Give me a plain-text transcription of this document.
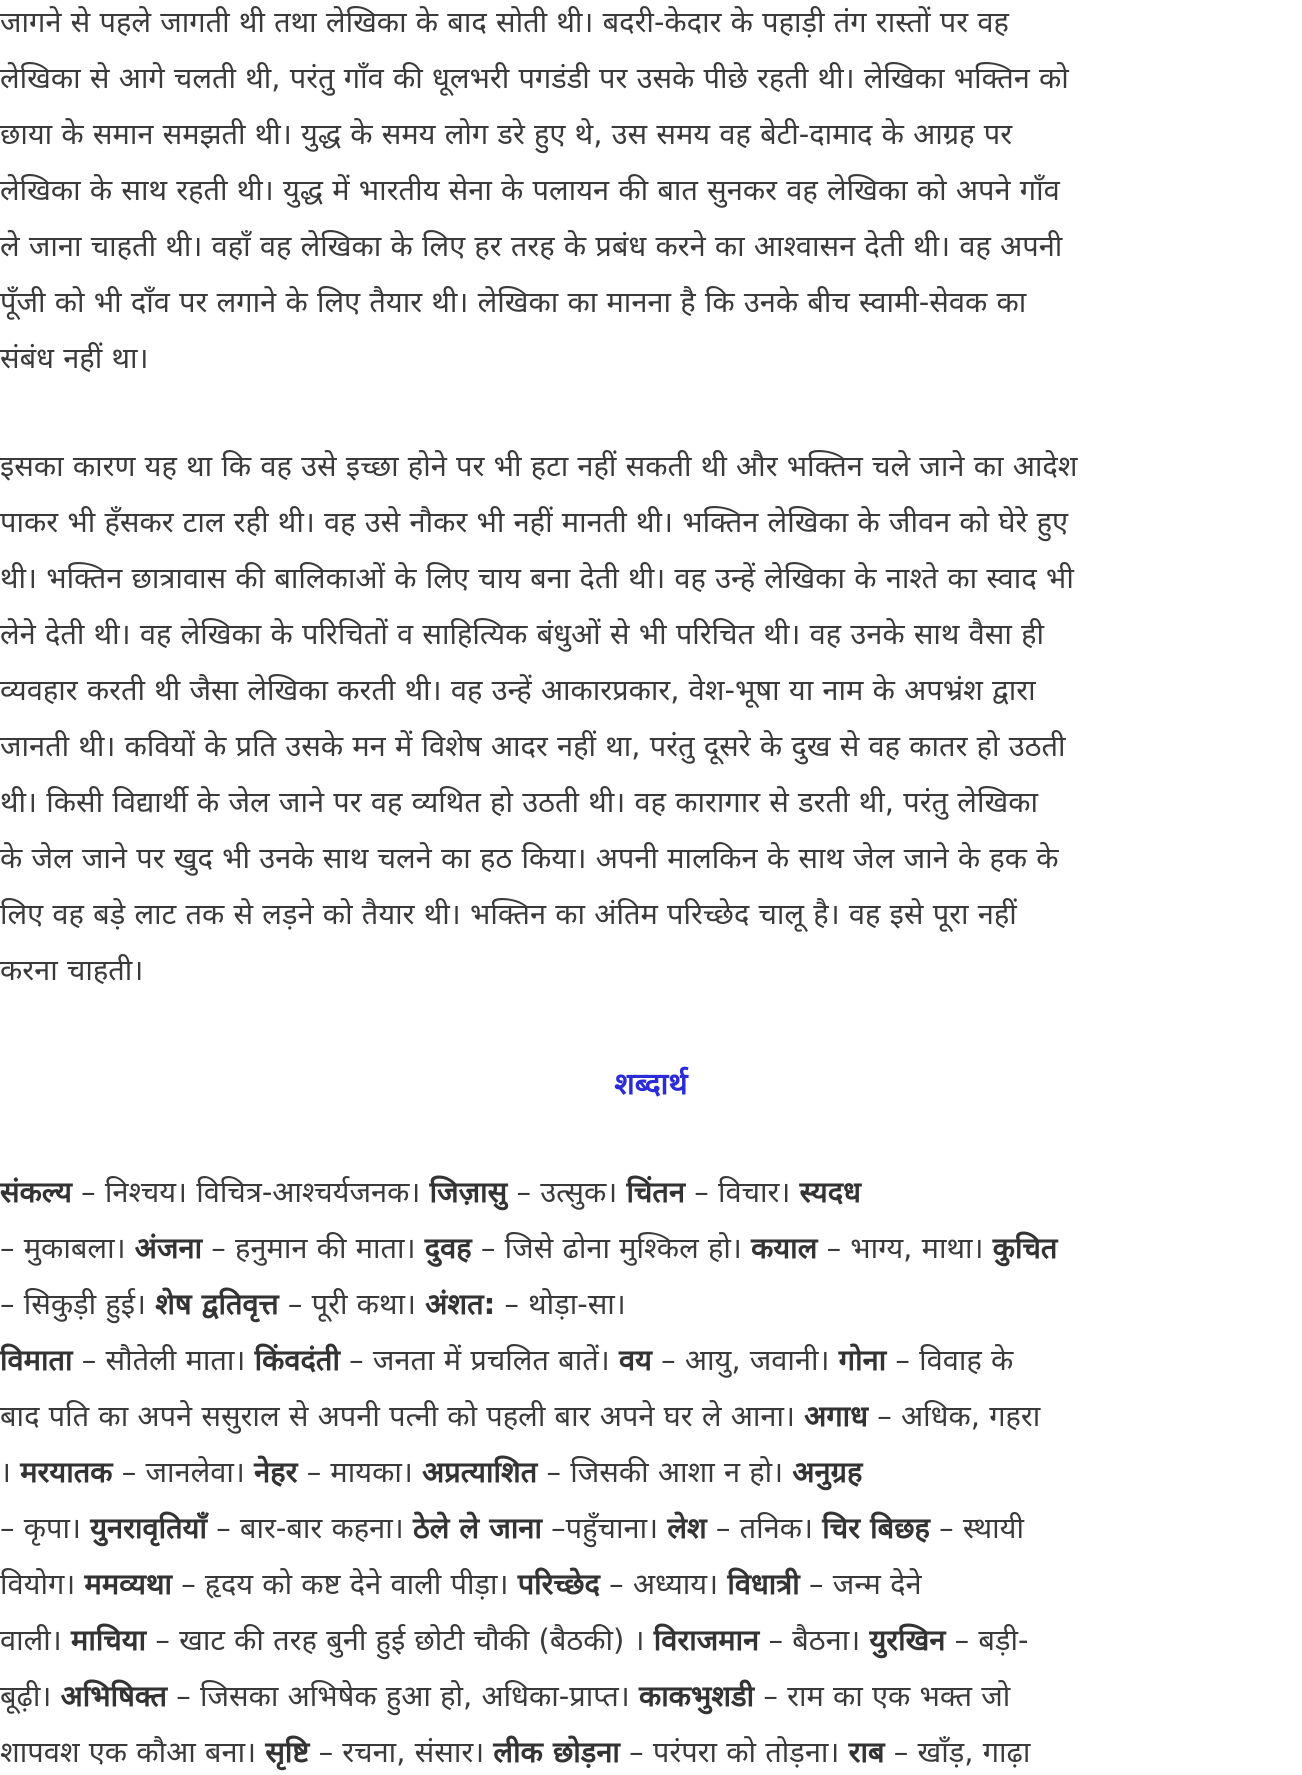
जागने से पहले जागती थी तथा लेखिका के बाद सोती थी। बदरी-केदार के पहाड़ी तंग रास्तों पर वह
लेखिका से आगे चलती थी, परंतु गाँव की धूलभरी पगडंडी पर उसके पीछे रहती थी। लेखिका भक्तिन को
छाया के समान समझती थी। युद्ध के समय लोग डरे हुए थे, उस समय वह बेटी-दामाद के आग्रह पर
लेखिका के साथ रहती थी। युद्ध में भारतीय सेना के पलायन की बात सुनकर वह लेखिका को अपने गाँव
ले जाना चाहती थी। वहाँ वह लेखिका के लिए हर तरह के प्रबंध करने का आश्वासन देती थी। वह अपनी
पूँजी को भी दाँव पर लगाने के लिए तैयार थी। लेखिका का मानना है कि उनके बीच स्वामी-सेवक का
संबंध नहीं था।
इसका कारण यह था कि वह उसे इच्छा होने पर भी हटा नहीं सकती थी और भक्तिन चले जाने का आदेश
पाकर भी हँसकर टाल रही थी। वह उसे नौकर भी नहीं मानती थी। भक्तिन लेखिका के जीवन को घेरे हुए
थी। भक्तिन छात्रावास की बालिकाओं के लिए चाय बना देती थी। वह उन्हें लेखिका के नाश्ते का स्वाद भी
लेने देती थी। वह लेखिका के परिचितों व साहित्यिक बंधुओं से भी परिचित थी। वह उनके साथ वैसा ही
व्यवहार करती थी जैसा लेखिका करती थी। वह उन्हें आकारप्रकार, वेश-भूषा या नाम के अपभ्रंश द्वारा
जानती थी। कवियों के प्रति उसके मन में विशेष आदर नहीं था, परंतु दूसरे के दुख से वह कातर हो उठती
थी। किसी विद्यार्थी के जेल जाने पर वह व्यथित हो उठती थी। वह कारागार से डरती थी, परंतु लेखिका
के जेल जाने पर खुद भी उनके साथ चलने का हठ किया। अपनी मालकिन के साथ जेल जाने के हक के
लिए वह बड़े लाट तक से लड़ने को तैयार थी। भक्तिन का अंतिम परिच्छेद चालू है। वह इसे पूरा नहीं
करना चाहती।
शब्दार्थ
संकल्य – निश्चय। विचित्र-आश्चर्यजनक। जिज़ासु – उत्सुक। चिंतन – विचार। स्यदध
– मुकाबला। अंजना – हनुमान की माता। दुवह – जिसे ढोना मुश्किल हो। कयाल – भाग्य, माथा। कुचित
– सिकुड़ी हुई। शेष द्वतिवृत्त – पूरी कथा। अंशत: – थोड़ा-सा।
विमाता – सौतेली माता। किंवदंती – जनता में प्रचलित बातें। वय – आयु, जवानी। गोना – विवाह के
बाद पति का अपने ससुराल से अपनी पत्नी को पहली बार अपने घर ले आना। अगाध – अधिक, गहरा
। मरयातक – जानलेवा। नेहर – मायका। अप्रत्याशित – जिसकी आशा न हो। अनुग्रह
– कृपा। युनरावृतियाँ – बार-बार कहना। ठेले ले जाना –पहुँचाना। लेश – तनिक। चिर बिछह – स्थायी
वियोग। ममव्यथा – हृदय को कष्ट देने वाली पीड़ा। परिच्छेद – अध्याय। विधात्री – जन्म देने
वाली। माचिया – खाट की तरह बुनी हुई छोटी चौकी (बैठकी) । विराजमान – बैठना। युरखिन – बड़ी-
बूढ़ी। अभिषिक्त – जिसका अभिषेक हुआ हो, अधिका-प्राप्त। काकभुशडी – राम का एक भक्त जो
शापवश एक कौआ बना। सृष्टि – रचना, संसार। लीक छोड़ना – परंपरा को तोड़ना। राब – खाँड़, गाढ़ा
